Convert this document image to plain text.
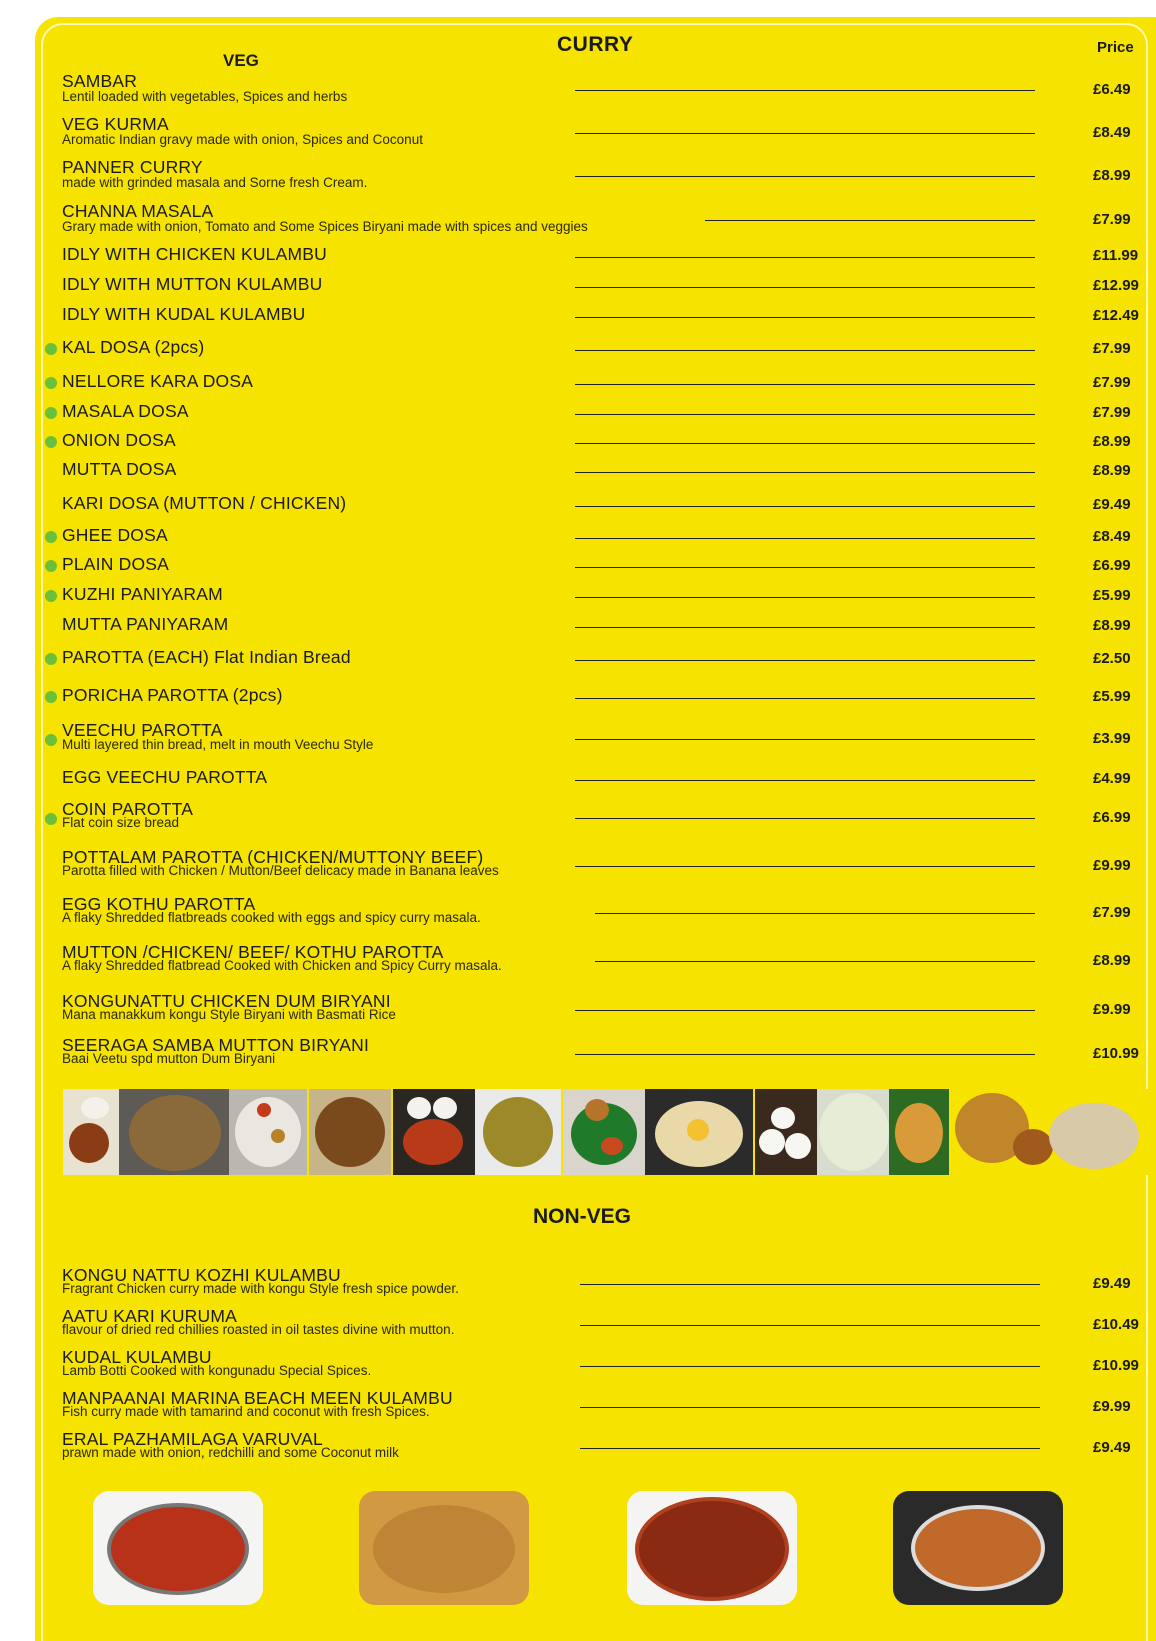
CURRY
VEG
Price
SAMBAR
Lentil loaded with vegetables, Spices and herbs	£6.49
VEG KURMA
Aromatic Indian gravy made with onion, Spices and Coconut	£8.49
PANNER CURRY
made with grinded masala and Sorne fresh Cream.	£8.99
CHANNA MASALA
Grary made with onion, Tomato and Some Spices Biryani made with spices and veggies	£7.99
IDLY WITH CHICKEN KULAMBU	£11.99
IDLY WITH MUTTON KULAMBU	£12.99
IDLY WITH KUDAL KULAMBU	£12.49
KAL DOSA (2pcs)	£7.99
NELLORE KARA DOSA	£7.99
MASALA DOSA	£7.99
ONION DOSA	£8.99
MUTTA DOSA	£8.99
KARI DOSA (MUTTON / CHICKEN)	£9.49
GHEE DOSA	£8.49
PLAIN DOSA	£6.99
KUZHI PANIYARAM	£5.99
MUTTA PANIYARAM	£8.99
PAROTTA (EACH) Flat Indian Bread	£2.50
PORICHA PAROTTA (2pcs)	£5.99
VEECHU PAROTTA
Multi layered thin bread, melt in mouth Veechu Style	£3.99
EGG VEECHU PAROTTA	£4.99
COIN PAROTTA
Flat coin size bread	£6.99
POTTALAM PAROTTA (CHICKEN/MUTTONY BEEF)
Parotta filled with Chicken / Mutton/Beef delicacy made in Banana leaves	£9.99
EGG KOTHU PAROTTA
A flaky Shredded flatbreads cooked with eggs and spicy curry masala.	£7.99
MUTTON /CHICKEN/ BEEF/ KOTHU PAROTTA
A flaky Shredded flatbread Cooked with Chicken and Spicy Curry masala.	£8.99
KONGUNATTU CHICKEN DUM BIRYANI
Mana manakkum kongu Style Biryani with Basmati Rice	£9.99
SEERAGA SAMBA MUTTON BIRYANI
Baai Veetu spd mutton Dum Biryani	£10.99
NON-VEG
KONGU NATTU KOZHI KULAMBU
Fragrant Chicken curry made with kongu Style fresh spice powder.	£9.49
AATU KARI KURUMA
flavour of dried red chillies roasted in oil tastes divine with mutton.	£10.49
KUDAL KULAMBU
Lamb Botti Cooked with kongunadu Special Spices.	£10.99
MANPAANAI MARINA BEACH MEEN KULAMBU
Fish curry made with tamarind and coconut with fresh Spices.	£9.99
ERAL PAZHAMILAGA VARUVAL
prawn made with onion, redchilli and some Coconut milk	£9.49
